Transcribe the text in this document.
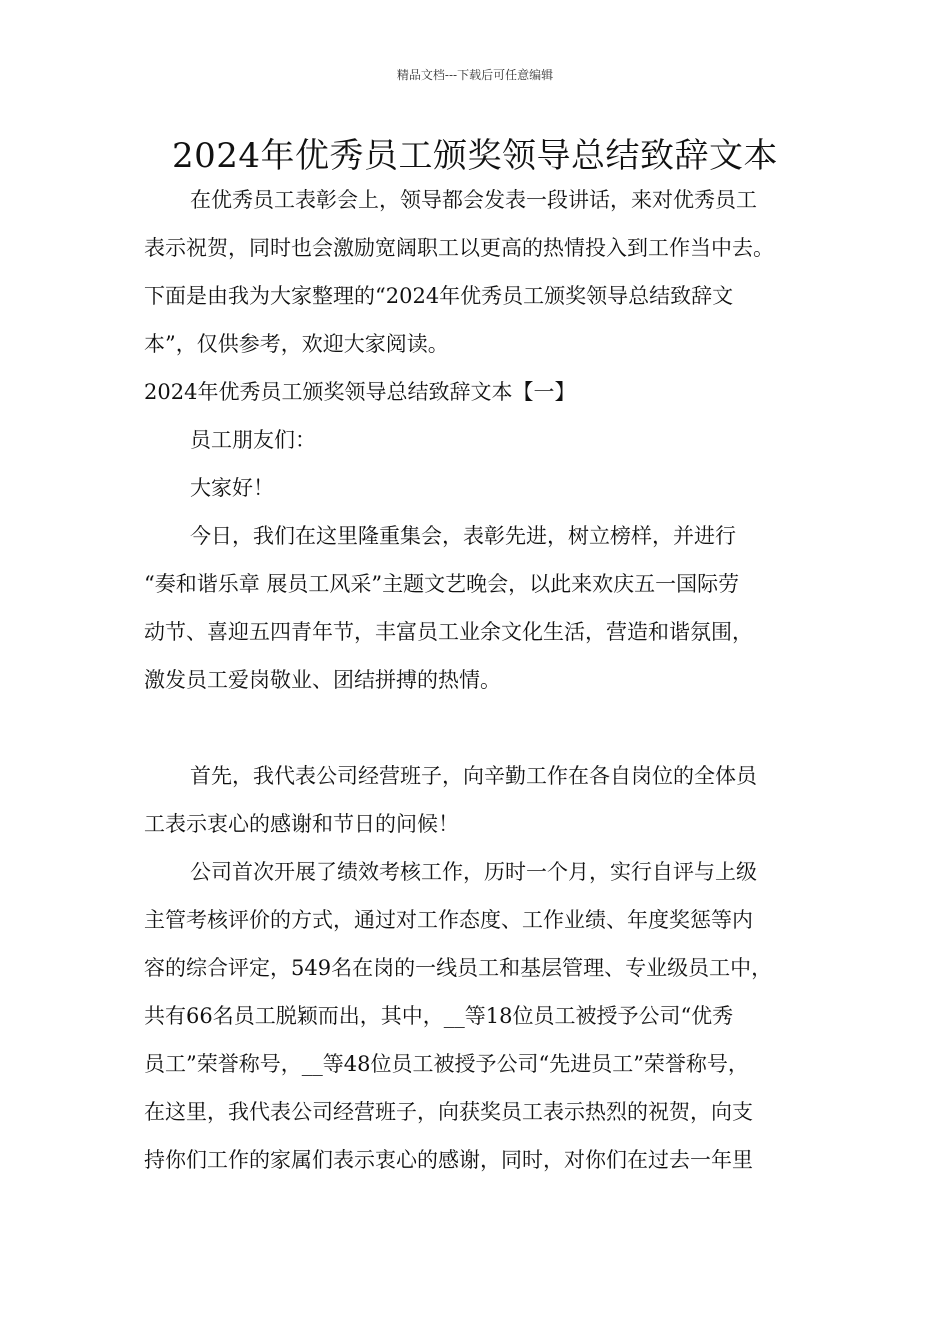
精品文档---下载后可任意编辑
2024年优秀员工颁奖领导总结致辞文本
在优秀员工表彰会上，领导都会发表一段讲话，来对优秀员工
表示祝贺，同时也会激励宽阔职工以更高的热情投入到工作当中去。
下面是由我为大家整理的“2024年优秀员工颁奖领导总结致辞文
本”，仅供参考，欢迎大家阅读。
2024年优秀员工颁奖领导总结致辞文本【一】
员工朋友们：
大家好！
今日，我们在这里隆重集会，表彰先进，树立榜样，并进行
“奏和谐乐章 展员工风采”主题文艺晚会，以此来欢庆五一国际劳
动节、喜迎五四青年节，丰富员工业余文化生活，营造和谐氛围，
激发员工爱岗敬业、团结拼搏的热情。
首先，我代表公司经营班子，向辛勤工作在各自岗位的全体员
工表示衷心的感谢和节日的问候！
公司首次开展了绩效考核工作，历时一个月，实行自评与上级
主管考核评价的方式，通过对工作态度、工作业绩、年度奖惩等内
容的综合评定，549名在岗的一线员工和基层管理、专业级员工中，
共有66名员工脱颖而出，其中，__等18位员工被授予公司“优秀
员工”荣誉称号，__等48位员工被授予公司“先进员工”荣誉称号，
在这里，我代表公司经营班子，向获奖员工表示热烈的祝贺，向支
持你们工作的家属们表示衷心的感谢，同时，对你们在过去一年里
